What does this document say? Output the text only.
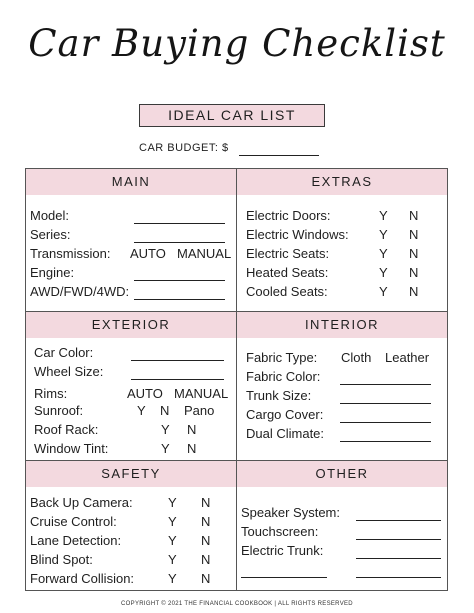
Car Buying Checklist
IDEAL CAR LIST
CAR BUDGET: $
MAIN
Model:
Series:
Transmission: AUTO MANUAL
Engine:
AWD/FWD/4WD:
EXTRAS
Electric Doors:	Y N
Electric Windows: Y N
Electric Seats:	Y N
Heated Seats:	Y N
Cooled Seats:	Y N
EXTERIOR
Car Color:
Wheel Size:
Rims:	AUTO MANUAL
Sunroof:	Y N Pano
Roof Rack:	Y N
Window Tint:	Y N
INTERIOR
Fabric Type: Cloth Leather
Fabric Color:
Trunk Size:
Cargo Cover:
Dual Climate:
SAFETY
Back Up Camera:	Y N
Cruise Control:	Y N
Lane Detection:	Y N
Blind Spot:	Y N
Forward Collision:	Y N
OTHER
Speaker System:
Touchscreen:
Electric Trunk:
COPYRIGHT © 2021 THE FINANCIAL COOKBOOK | ALL RIGHTS RESERVED
